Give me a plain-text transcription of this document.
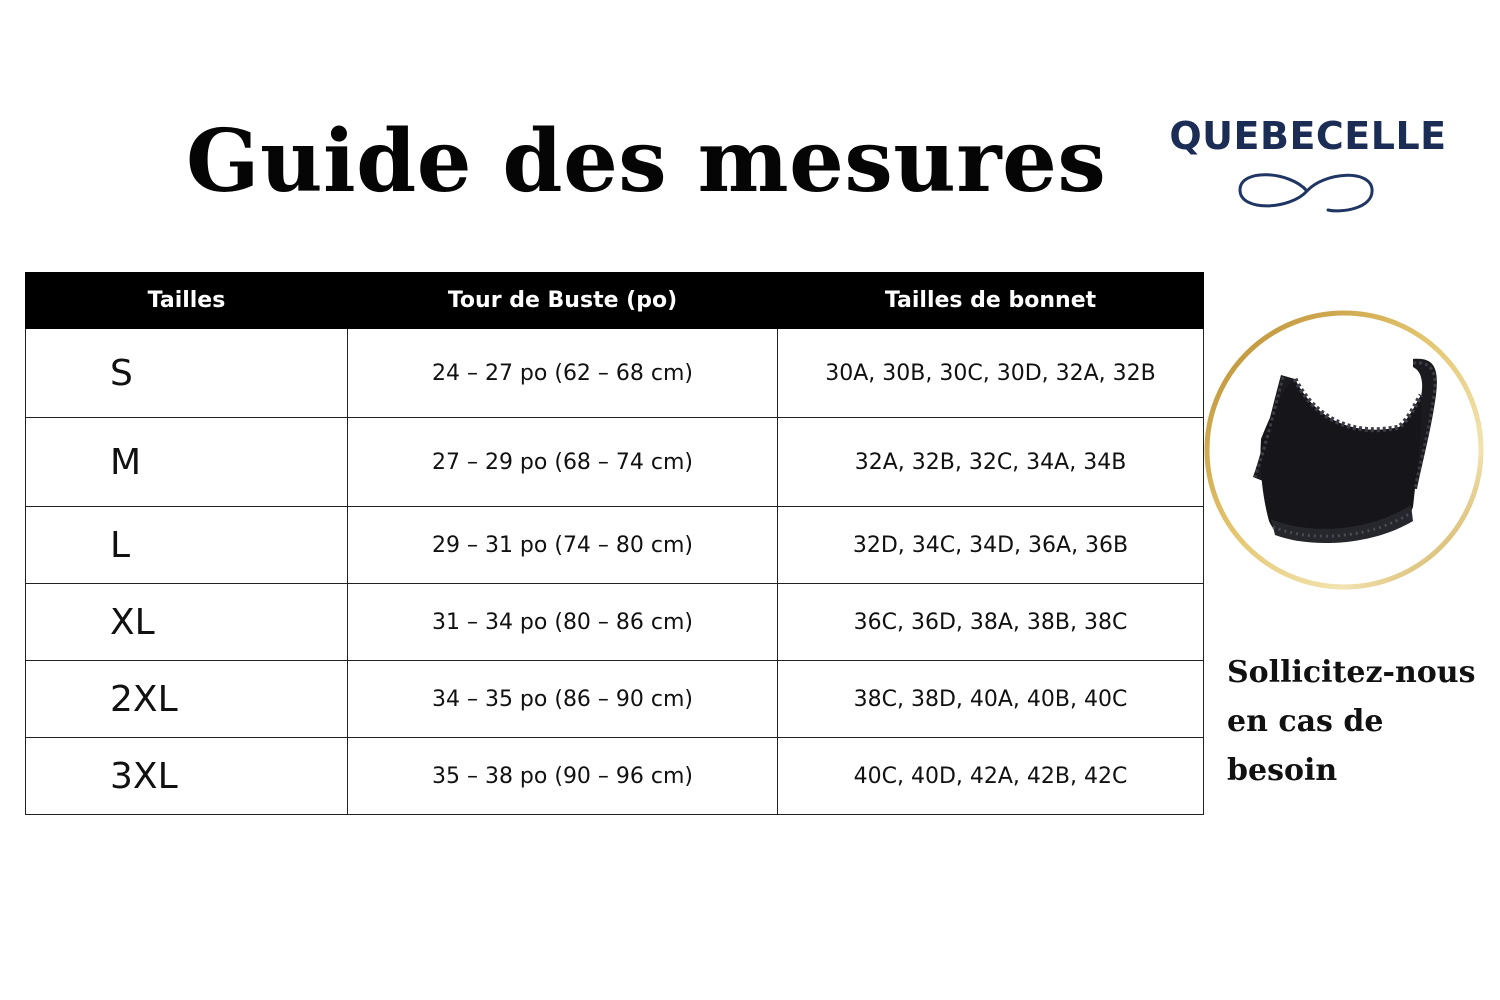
Guide des mesures QUEBECELLE
Tailles	Tour de Buste (po)	Tailles de bonnet
S	24 – 27 po (62 – 68 cm)	30A, 30B, 30C, 30D, 32A, 32B
M	27 – 29 po (68 – 74 cm)	32A, 32B, 32C, 34A, 34B
L	29 – 31 po (74 – 80 cm)	32D, 34C, 34D, 36A, 36B
XL	31 – 34 po (80 – 86 cm)	36C, 36D, 38A, 38B, 38C
2XL	34 – 35 po (86 – 90 cm)	38C, 38D, 40A, 40B, 40C
3XL	35 – 38 po (90 – 96 cm)	40C, 40D, 42A, 42B, 42C

Sollicitez-nous en cas de besoin
